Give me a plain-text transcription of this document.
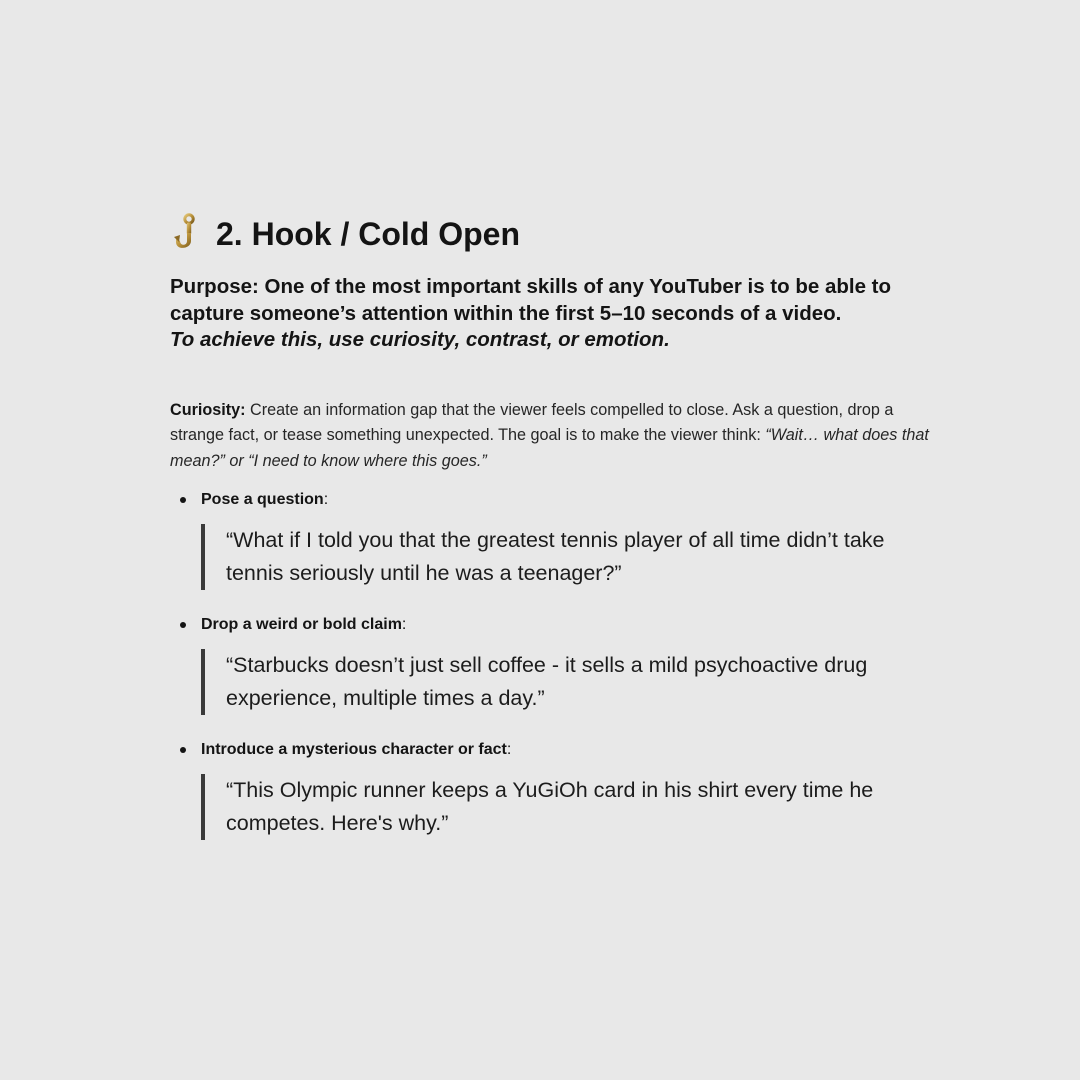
2. Hook / Cold Open

Purpose: One of the most important skills of any YouTuber is to be able to capture someone’s attention within the first 5–10 seconds of a video.
To achieve this, use curiosity, contrast, or emotion.

Curiosity: Create an information gap that the viewer feels compelled to close. Ask a question, drop a strange fact, or tease something unexpected. The goal is to make the viewer think: “Wait… what does that mean?” or “I need to know where this goes.”

Pose a question :
“What if I told you that the greatest tennis player of all time didn’t take tennis seriously until he was a teenager?”
Drop a weird or bold claim :
“Starbucks doesn’t just sell coffee - it sells a mild psychoactive drug experience, multiple times a day.”
Introduce a mysterious character or fact :
“This Olympic runner keeps a YuGiOh card in his shirt every time he competes. Here's why.”
